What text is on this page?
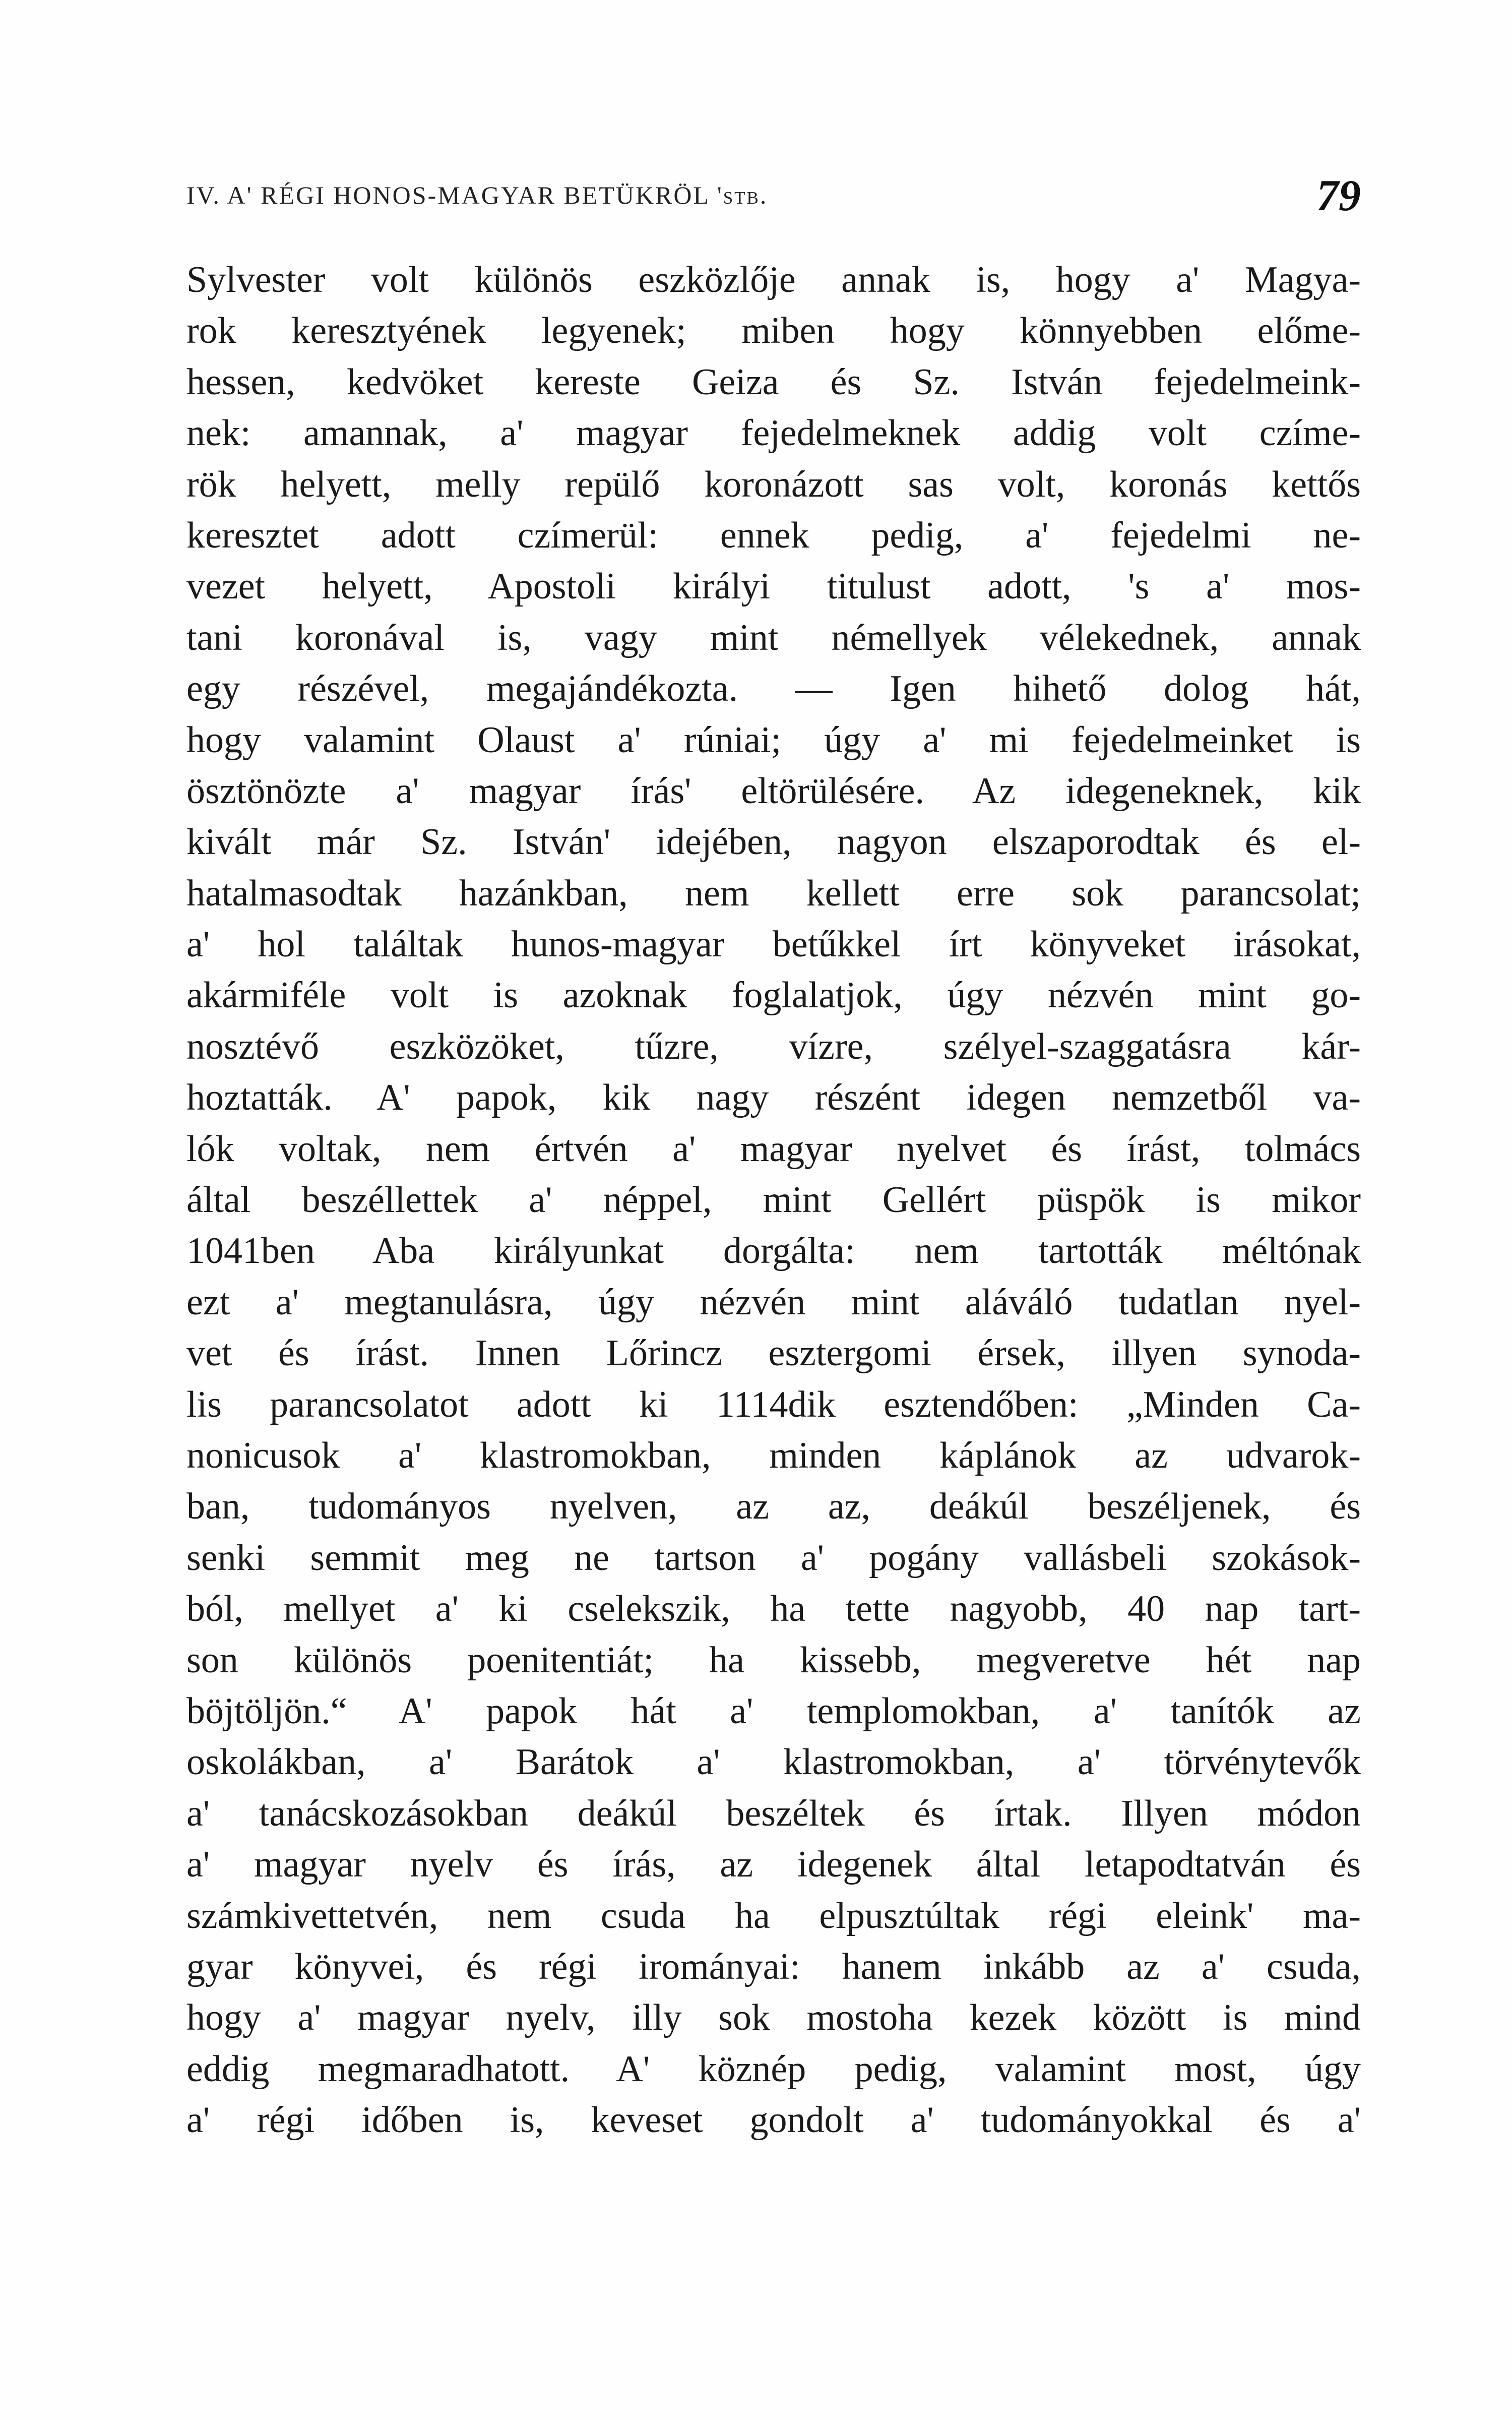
IV. A' RÉGI HONOS-MAGYAR BETÜKRÖL 'stb.	79
Sylvester volt különös eszközlője annak is, hogy a' Magya-
rok keresztyének legyenek; miben hogy könnyebben előme-
hessen, kedvöket kereste Geiza és Sz. István fejedelmeink-
nek: amannak, a' magyar fejedelmeknek addig volt czíme-
rök helyett, melly repülő koronázott sas volt, koronás kettős
keresztet adott czímerül: ennek pedig, a' fejedelmi ne-
vezet helyett, Apostoli királyi titulust adott, 's a' mos-
tani koronával is, vagy mint némellyek vélekednek, annak
egy részével, megajándékozta. — Igen hihető dolog hát,
hogy valamint Olaust a' rúniai; úgy a' mi fejedelmeinket is
ösztönözte a' magyar írás' eltörülésére. Az idegeneknek, kik
kivált már Sz. István' idejében, nagyon elszaporodtak és el-
hatalmasodtak hazánkban, nem kellett erre sok parancsolat;
a' hol találtak hunos-magyar betűkkel írt könyveket irásokat,
akármiféle volt is azoknak foglalatjok, úgy nézvén mint go-
nosztévő eszközöket, tűzre, vízre, szélyel-szaggatásra kár-
hoztatták. A' papok, kik nagy részént idegen nemzetből va-
lók voltak, nem értvén a' magyar nyelvet és írást, tolmács
által beszéllettek a' néppel, mint Gellért püspök is mikor
1041ben Aba királyunkat dorgálta: nem tartották méltónak
ezt a' megtanulásra, úgy nézvén mint aláváló tudatlan nyel-
vet és írást. Innen Lőrincz esztergomi érsek, illyen synoda-
lis parancsolatot adott ki 1114dik esztendőben: „Minden Ca-
nonicusok a' klastromokban, minden káplánok az udvarok-
ban, tudományos nyelven, az az, deákúl beszéljenek, és
senki semmit meg ne tartson a' pogány vallásbeli szokások-
ból, mellyet a' ki cselekszik, ha tette nagyobb, 40 nap tart-
son különös poenitentiát; ha kissebb, megveretve hét nap
böjtöljön.“ A' papok hát a' templomokban, a' tanítók az
oskolákban, a' Barátok a' klastromokban, a' törvénytevők
a' tanácskozásokban deákúl beszéltek és írtak. Illyen módon
a' magyar nyelv és írás, az idegenek által letapodtatván és
számkivettetvén, nem csuda ha elpusztúltak régi eleink' ma-
gyar könyvei, és régi irományai: hanem inkább az a' csuda,
hogy a' magyar nyelv, illy sok mostoha kezek között is mind
eddig megmaradhatott. A' köznép pedig, valamint most, úgy
a' régi időben is, keveset gondolt a' tudományokkal és a'
